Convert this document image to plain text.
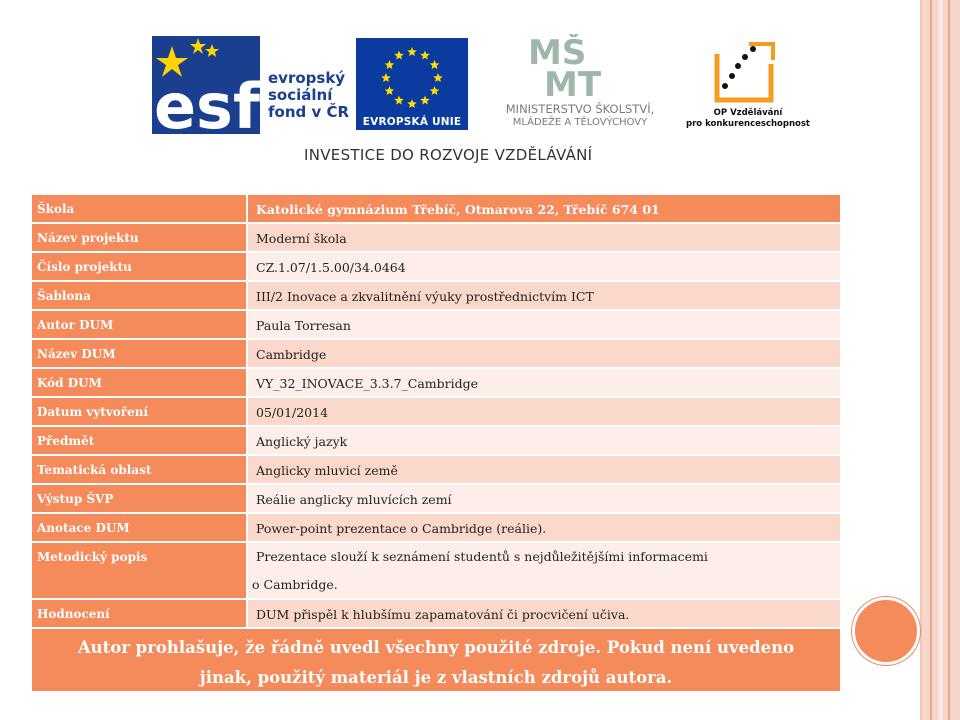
esf evropský
sociální
fond v ČR
EVROPSKÁ UNIE
MŠ
MT
MINISTERSTVO ŠKOLSTVÍ,
MLÁDEŽE A TĚLOVÝCHOVY
OP Vzdělávání
pro konkurenceschopnost
INVESTICE DO ROZVOJE VZDĚLÁVÁNÍ
Škola	Katolické gymnázium Třebíč, Otmarova 22, Třebíč 674 01
Název projektu	Moderní škola
Číslo projektu	CZ.1.07/1.5.00/34.0464
Šablona	III/2 Inovace a zkvalitnění výuky prostřednictvím ICT
Autor DUM	Paula Torresan
Název DUM	Cambridge
Kód DUM	VY_32_INOVACE_3.3.7_Cambridge
Datum vytvoření	05/01/2014
Předmět	Anglický jazyk
Tematická oblast	Anglicky mluvicí země
Výstup ŠVP	Reálie anglicky mluvících zemí
Anotace DUM	Power-point prezentace o Cambridge (reálie).
Metodický popis	Prezentace slouží k seznámení studentů s nejdůležitějšími informacemi
o Cambridge.
Hodnocení	DUM přispěl k hlubšímu zapamatování či procvičení učiva.
Autor prohlašuje, že řádně uvedl všechny použité zdroje. Pokud není uvedeno
jinak, použitý materiál je z vlastních zdrojů autora.
